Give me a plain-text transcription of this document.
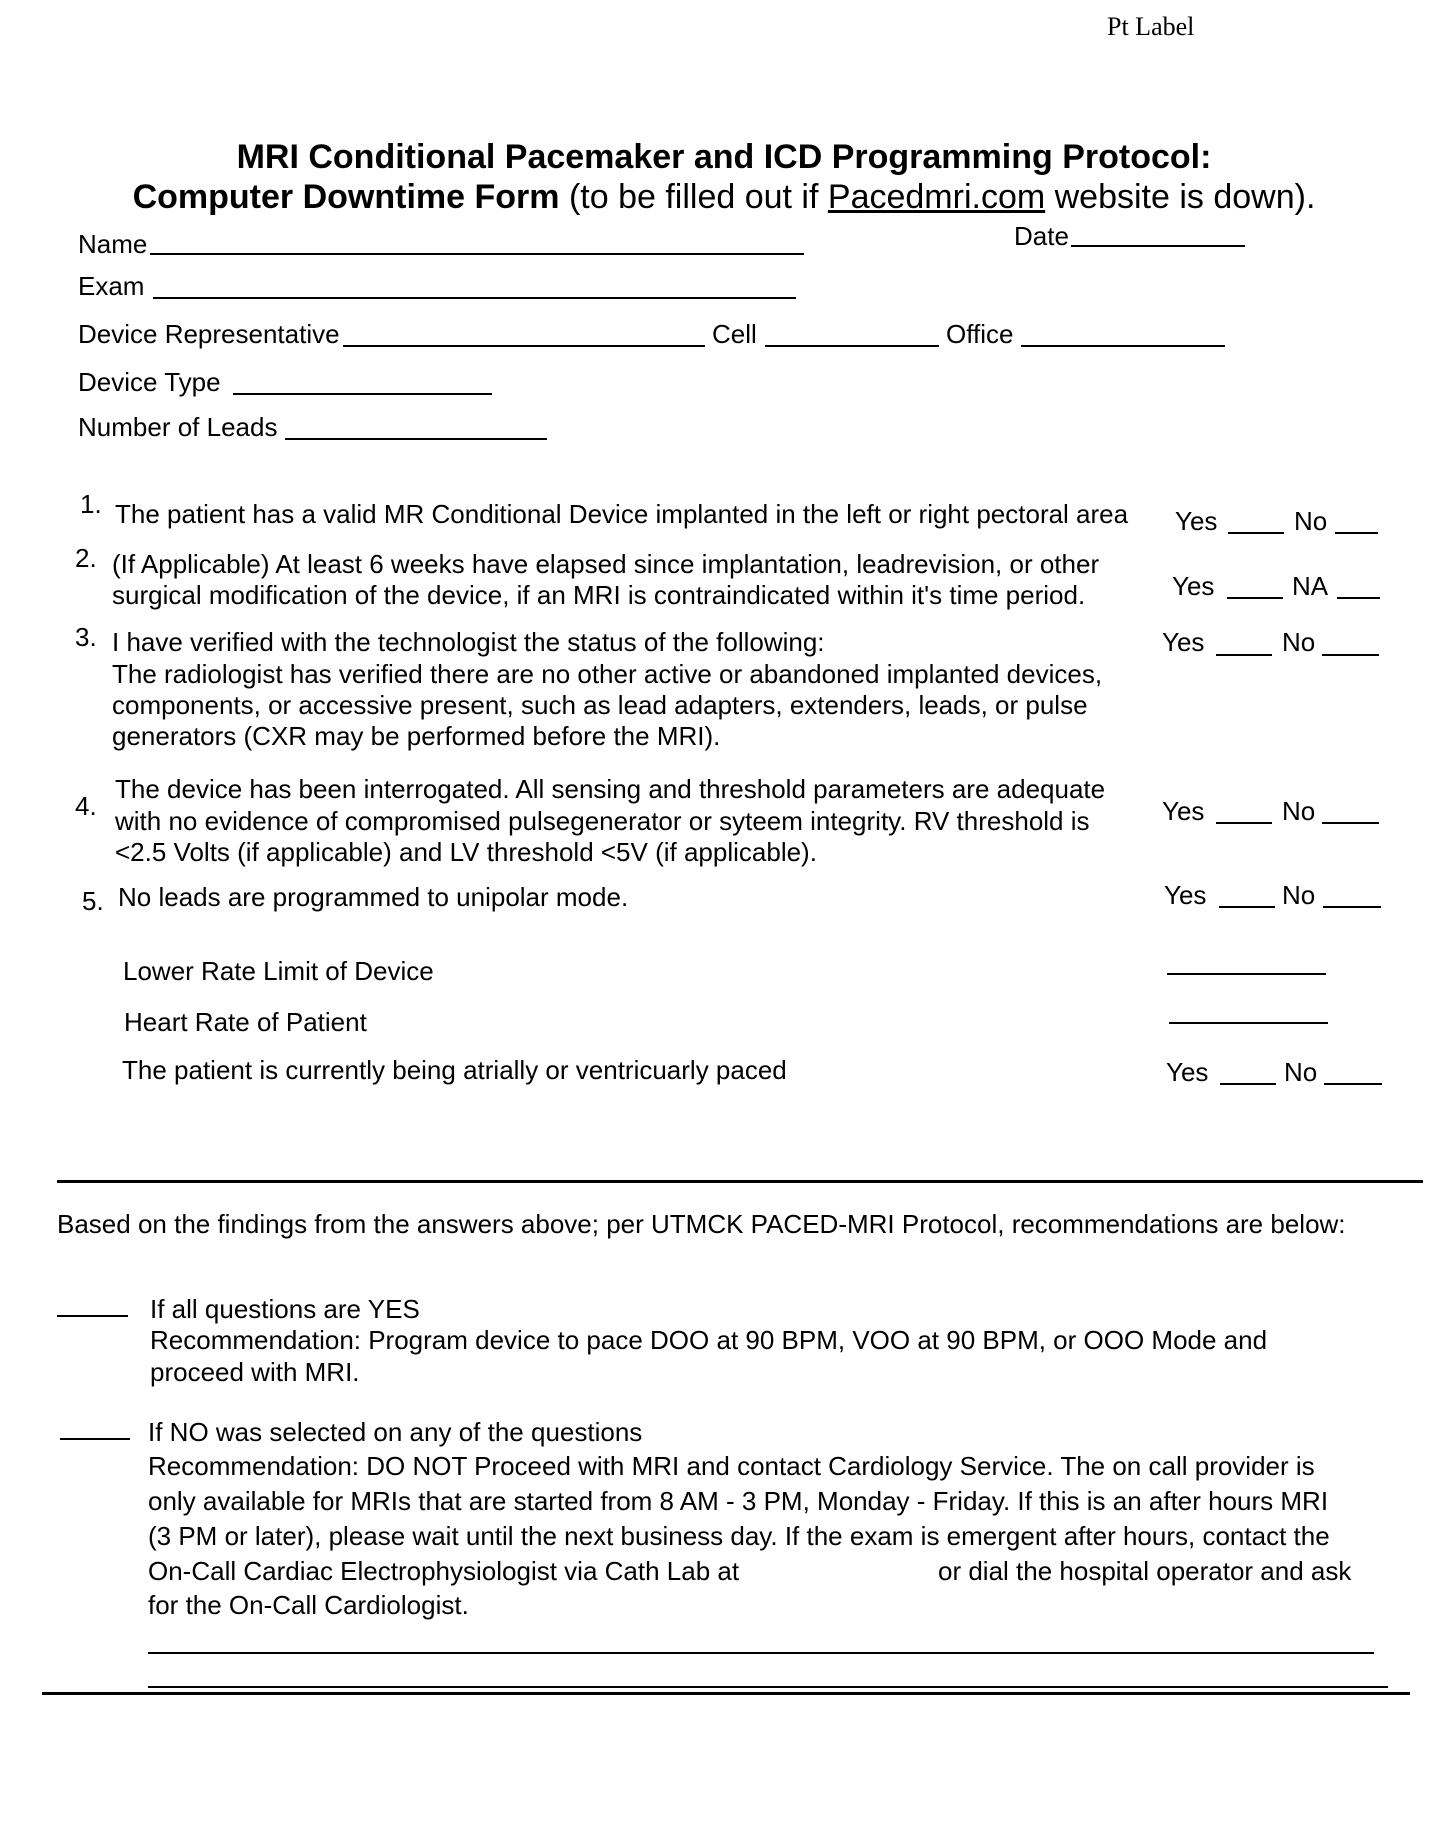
Pt Label
MRI Conditional Pacemaker and ICD Programming Protocol:
Computer Downtime Form (to be filled out if Pacedmri.com website is down).
Name	Date
Exam
Device Representative	Cell	Office
Device Type
Number of Leads
1. The patient has a valid MR Conditional Device implanted in the left or right pectoral area Yes	No
2. (If Applicable) At least 6 weeks have elapsed since implantation, leadrevision, or other
surgical modification of the device, if an MRI is contraindicated within it's time period.	Yes	NA
3. I have verified with the technologist the status of the following:
The radiologist has verified there are no other active or abandoned implanted devices,
components, or accessive present, such as lead adapters, extenders, leads, or pulse
generators (CXR may be performed before the MRI).
Yes	No
4.
The device has been interrogated. All sensing and threshold parameters are adequate
with no evidence of compromised pulsegenerator or syteem integrity. RV threshold is
<2.5 Volts (if applicable) and LV threshold <5V (if applicable).
Yes	No
5. No leads are programmed to unipolar mode.	Yes	No
Lower Rate Limit of Device
Heart Rate of Patient
The patient is currently being atrially or ventricuarly paced	Yes	No
Based on the findings from the answers above; per UTMCK PACED-MRI Protocol, recommendations are below:
If all questions are YES
Recommendation: Program device to pace DOO at 90 BPM, VOO at 90 BPM, or OOO Mode and
proceed with MRI.
If NO was selected on any of the questions
Recommendation: DO NOT Proceed with MRI and contact Cardiology Service. The on call provider is
only available for MRIs that are started from 8 AM - 3 PM, Monday - Friday. If this is an after hours MRI
(3 PM or later), please wait until the next business day. If the exam is emergent after hours, contact the
On-Call Cardiac Electrophysiologist via Cath Lab at	or dial the hospital operator and ask
for the On-Call Cardiologist.
